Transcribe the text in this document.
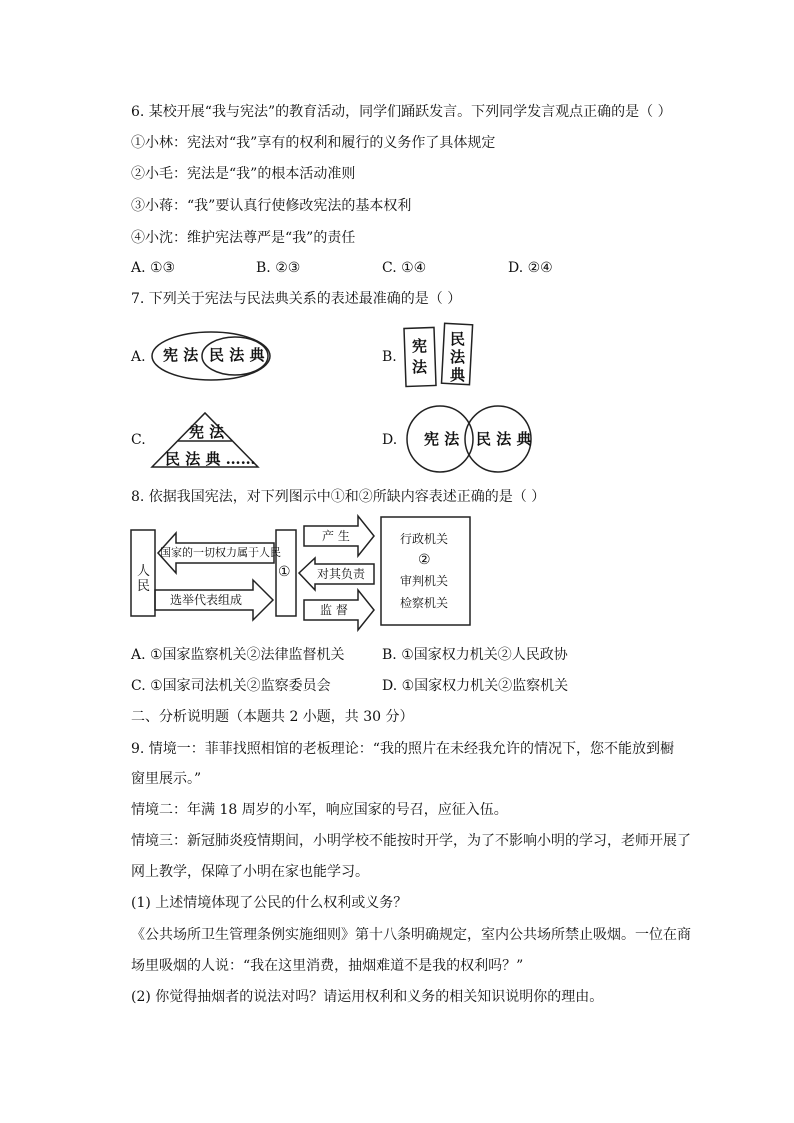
6. 某校开展“我与宪法”的教育活动，同学们踊跃发言。下列同学发言观点正确的是（ ）
①小林：宪法对“我”享有的权利和履行的义务作了具体规定
②小毛：宪法是“我”的根本活动准则
③小蒋：“我”要认真行使修改宪法的基本权利
④小沈：维护宪法尊严是“我”的责任
A. ①③	B. ②③	C. ①④	D. ②④
7. 下列关于宪法与民法典关系的表述最准确的是（ ）
A.	B.
C.	D.
宪 法 民 法 典	宪
法
民
法
典
宪 法
民 法 典 ……
宪 法 民 法 典
8. 依据我国宪法，对下列图示中①和②所缺内容表述正确的是（ ）
人
民
国家的一切权力属于人民
选举代表组成
①
产 生
对其负责
监 督
行政机关
②
审判机关
检察机关
A. ①国家监察机关②法律监督机关	B. ①国家权力机关②人民政协
C. ①国家司法机关②监察委员会	D. ①国家权力机关②监察机关
二、分析说明题（本题共 2 小题，共 30 分）
9. 情境一：菲菲找照相馆的老板理论：“我的照片在未经我允许的情况下，您不能放到橱
窗里展示。”
情境二：年满 18 周岁的小军，响应国家的号召，应征入伍。
情境三：新冠肺炎疫情期间，小明学校不能按时开学，为了不影响小明的学习，老师开展了
网上教学，保障了小明在家也能学习。
(1) 上述情境体现了公民的什么权利或义务？
《公共场所卫生管理条例实施细则》第十八条明确规定，室内公共场所禁止吸烟。一位在商
场里吸烟的人说：“我在这里消费，抽烟难道不是我的权利吗？”
(2) 你觉得抽烟者的说法对吗？请运用权利和义务的相关知识说明你的理由。
